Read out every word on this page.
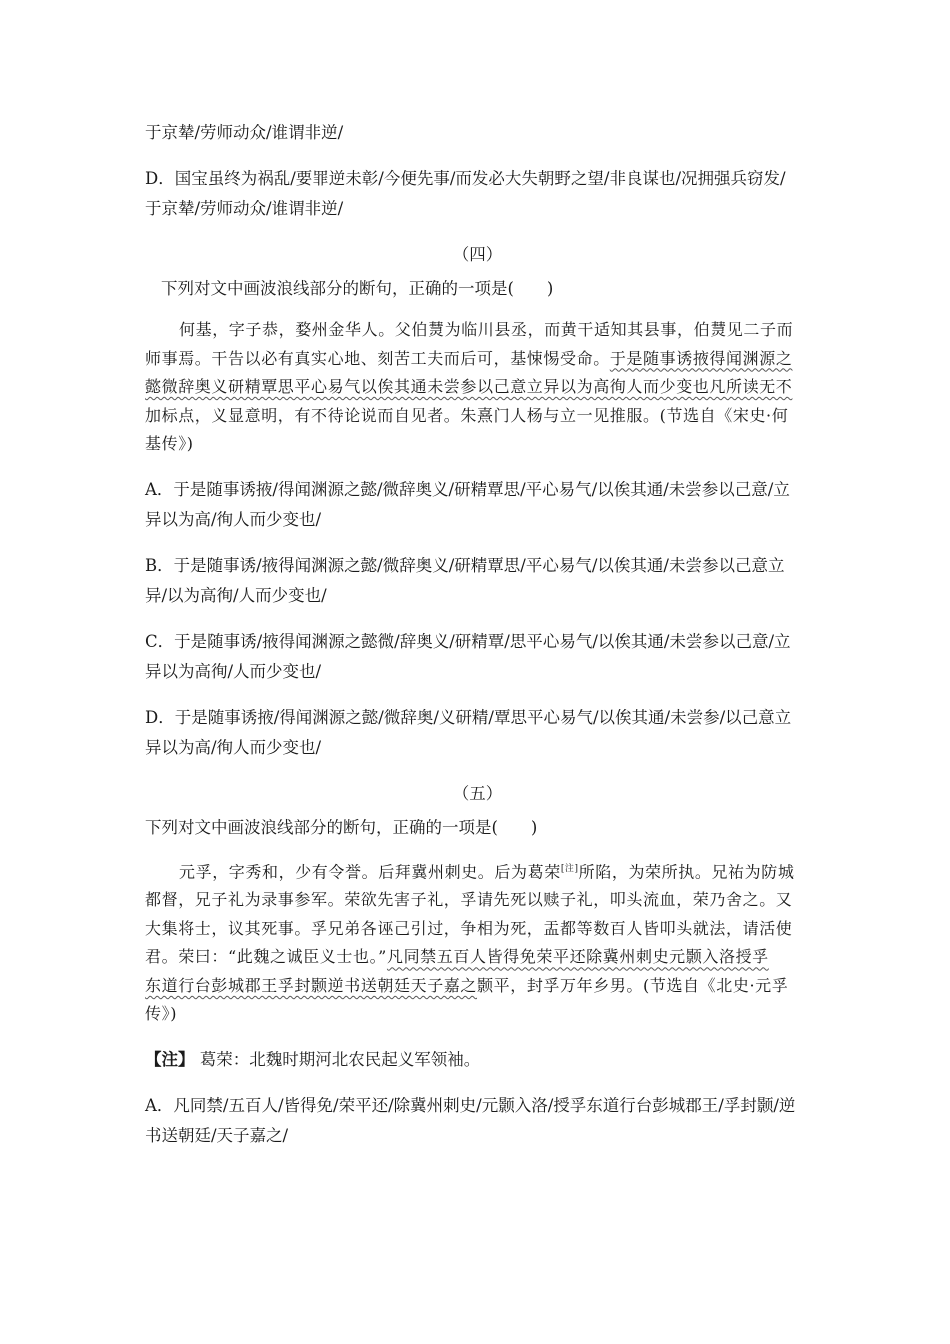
于京辇/劳师动众/谁谓非逆/

D．国宝虽终为祸乱/要罪逆未彰/今便先事/而发必大失朝野之望/非良谋也/况拥强兵窃发/

于京辇/劳师动众/谁谓非逆/

（四）

下列对文中画波浪线部分的断句，正确的一项是(　　)

何基，字子恭，婺州金华人。父伯熭为临川县丞，而黄干适知其县事，伯熭见二子而

师事焉。干告以必有真实心地、刻苦工夫而后可，基悚惕受命。于是随事诱掖得闻渊源之

懿微辞奥义研精覃思平心易气以俟其通未尝参以己意立异以为高徇人而少变也凡所读无不

加标点，义显意明，有不待论说而自见者。朱熹门人杨与立一见推服。(节选自《宋史·何

基传》)

A．于是随事诱掖/得闻渊源之懿/微辞奥义/研精覃思/平心易气/以俟其通/未尝参以己意/立

异以为高/徇人而少变也/

B．于是随事诱/掖得闻渊源之懿/微辞奥义/研精覃思/平心易气/以俟其通/未尝参以己意立

异/以为高徇/人而少变也/

C．于是随事诱/掖得闻渊源之懿微/辞奥义/研精覃/思平心易气/以俟其通/未尝参以己意/立

异以为高徇/人而少变也/

D．于是随事诱掖/得闻渊源之懿/微辞奥/义研精/覃思平心易气/以俟其通/未尝参/以己意立

异以为高/徇人而少变也/

（五）

下列对文中画波浪线部分的断句，正确的一项是(　　)

元孚，字秀和，少有令誉。后拜冀州刺史。后为葛荣[注]所陷，为荣所执。兄祐为防城

都督，兄子礼为录事参军。荣欲先害子礼，孚请先死以赎子礼，叩头流血，荣乃舍之。又

大集将士，议其死事。孚兄弟各诬己引过，争相为死，盂都等数百人皆叩头就法，请活使

君。荣曰：“此魏之诚臣义士也。”凡同禁五百人皆得免荣平还除冀州刺史元颢入洛授孚

东道行台彭城郡王孚封颢逆书送朝廷天子嘉之颢平，封孚万年乡男。(节选自《北史·元孚

传》)

【注】 葛荣：北魏时期河北农民起义军领袖。

A．凡同禁/五百人/皆得免/荣平还/除冀州刺史/元颢入洛/授孚东道行台彭城郡王/孚封颢/逆

书送朝廷/天子嘉之/
